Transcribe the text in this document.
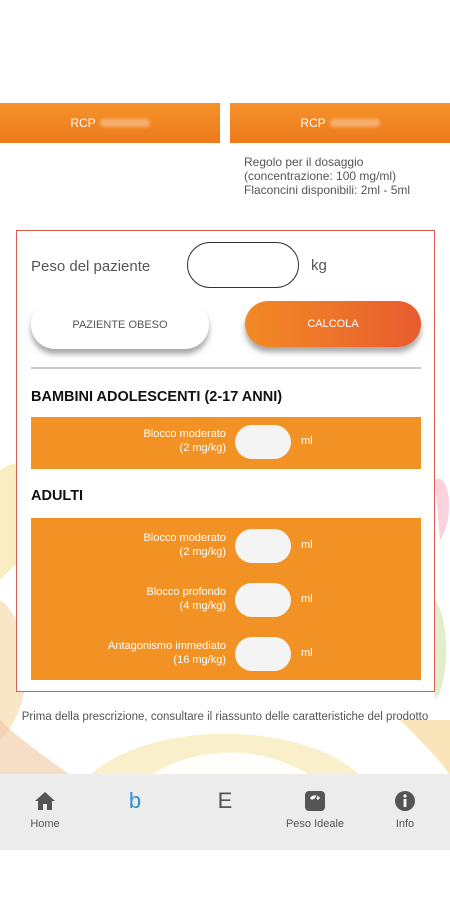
RCP	RCP
Regolo per il dosaggio
(concentrazione: 100 mg/ml)
Flaconcini disponibili: 2ml - 5ml
Peso del paziente	kg
PAZIENTE OBESO	CALCOLA
BAMBINI ADOLESCENTI (2-17 ANNI)
Blocco moderato
(2 mg/kg)
ml
ADULTI
Blocco moderato
(2 mg/kg)
ml
Blocco profondo
(4 mg/kg)
ml
Antagonismo immediato
(16 mg/kg)
ml
Prima della prescrizione, consultare il riassunto delle caratteristiche del prodotto
Home
b	E
Peso Ideale	Info
